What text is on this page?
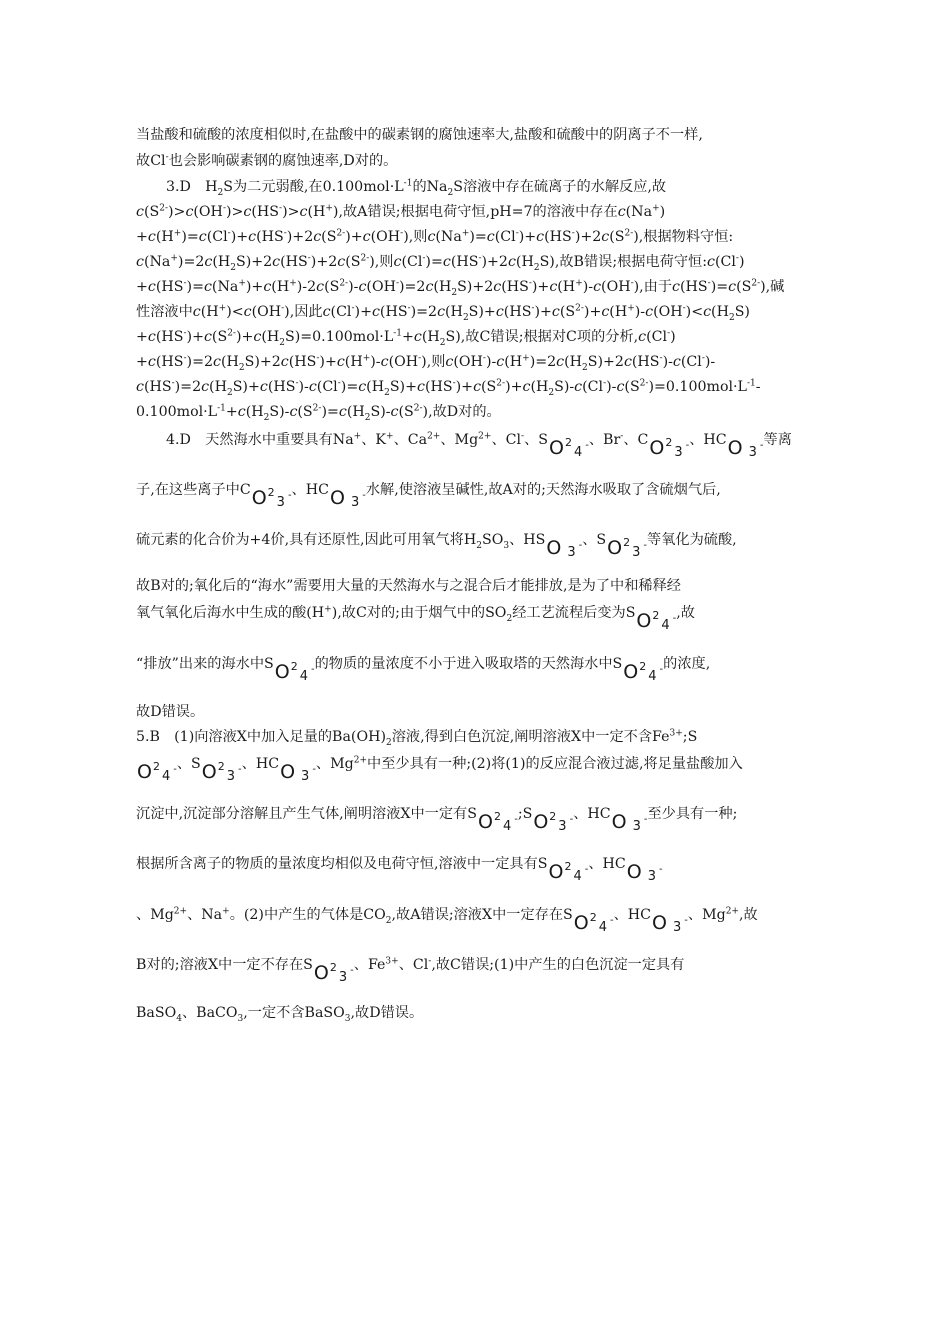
当盐酸和硫酸的浓度相似时,在盐酸中的碳素钢的腐蚀速率大,盐酸和硫酸中的阴离子不一样,
故Cl-也会影响碳素钢的腐蚀速率,D对的。
3.D　$H_2S$为二元弱酸,在$0.100mol\cdot L^{-1}$的$Na_2S$溶液中存在硫离子的水解反应,故
$c(S^{2-})>c(OH^-)>c(HS^-)>c(H^+)$,故A错误;根据电荷守恒,pH=7的溶液中存在c(Na+)
$+c(H^+)=c(Cl^-)+c(HS^-)+2c(S^{2-})+c(OH^-)$,则$c(Na^+)=c(Cl^-)+c(HS^-)+2c(S^{2-})$,根据物料守恒:
$c(Na^+)=2c(H_2S)+2c(HS^-)+2c(S^{2-})$,则$c(Cl^-)=c(HS^-)+2c(H_2S)$,故B错误;根据电荷守恒:c(Cl-)
$+c(HS^-)=c(Na^+)+c(H^+)-2c(S^{2-})-c(OH^-)=2c(H_2S)+2c(HS^-)+c(H^+)-c(OH^-)$,由于$c(HS^-)=c(S^{2-})$,碱
性溶液中c(H+)<c(OH-),因此$c(Cl^-)+c(HS^-)=2c(H_2S)+c(HS^-)+c(S^{2-})+c(H^+)-c(OH^-)<c(H_2S)$
$+c(HS^-)+c(S^{2-})+c(H_2S)=0.100mol\cdot L^{-1}+c(H_2S)$,故C错误;根据对C项的分析,c(Cl-)
$+c(HS^-)=2c(H_2S)+2c(HS^-)+c(H^+)-c(OH^-)$,则$c(OH^-)-c(H^+)=2c(H_2S)+2c(HS^-)-c(Cl^-)-$
$c(HS^-)=2c(H_2S)+c(HS^-)-c(Cl^-)=c(H_2S)+c(HS^-)+c(S^{2-})+c(H_2S)-c(Cl^-)-c(S^{2-})=0.100mol\cdot L^{-1}-$
$0.100mol\cdot L^{-1}+c(H_2S)-c(S^{2-})=c(H_2S)-c(S^{2-})$,故D对的。
4.D　天然海水中重要具有Na+、K+、$Ca^{2+}$、$Mg^{2+}$、Cl-、SO24 $_-$、Br-、CO23 $_-$、HCO 3 $_-$等离
子,在这些离子中CO23 $_-$、HCO 3 $_-$水解,使溶液呈碱性,故A对的;天然海水吸取了含硫烟气后,
硫元素的化合价为+4价,具有还原性,因此可用氧气将$H_2SO_3$、HSO 3 $_-$、SO23 $_-$等氧化为硫酸,
故B对的;氧化后的“海水”需要用大量的天然海水与之混合后才能排放,是为了中和稀释经
氧气氧化后海水中生成的酸(H+),故C对的;由于烟气中的$SO_2$经工艺流程后变为SO24 $_-$,故
“排放”出来的海水中SO24 $_-$的物质的量浓度不小于进入吸取塔的天然海水中SO24 $_-$的浓度,
故D错误。
5.B　(1)向溶液X中加入足量的$Ba(OH)_2$溶液,得到白色沉淀,阐明溶液X中一定不含$Fe^{3+};S$
O24 $_-$、SO23 $_-$、HCO 3 $_-$、$Mg^{2+}$中至少具有一种;(2)将(1)的反应混合液过滤,将足量盐酸加入
沉淀中,沉淀部分溶解且产生气体,阐明溶液X中一定有SO24 $_-$;SO23 $_-$、HCO 3 $_-$至少具有一种;
根据所含离子的物质的量浓度均相似及电荷守恒,溶液中一定具有SO24 $_-$、HCO 3 $_-$
、$Mg^{2+}$、Na+。(2)中产生的气体是$CO_2$,故A错误;溶液X中一定存在SO24 $_-$、HCO 3 $_-$、$Mg^{2+}$,故
B对的;溶液X中一定不存在SO23 $_-$、$Fe^{3+}$、Cl-,故C错误;(1)中产生的白色沉淀一定具有
BaSO$_4$、BaCO$_3$,一定不含BaSO$_3$,故D错误。
